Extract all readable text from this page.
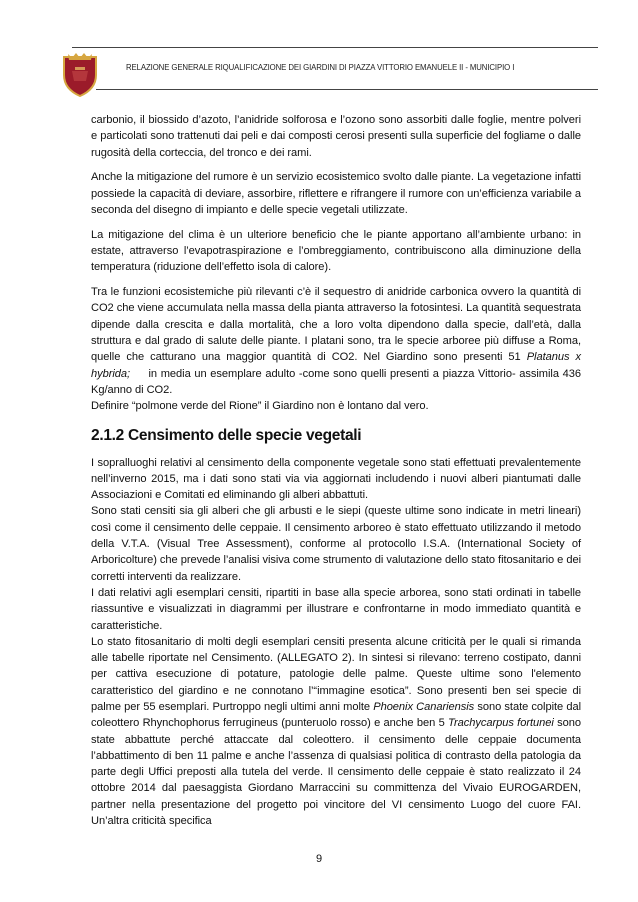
RELAZIONE GENERALE RIQUALIFICAZIONE DEI GIARDINI DI PIAZZA VITTORIO EMANUELE II - MUNICIPIO I

carbonio, il biossido d’azoto, l’anidride solforosa e l’ozono sono assorbiti dalle foglie, mentre polveri e particolati sono trattenuti dai peli e dai composti cerosi presenti sulla superficie del fogliame o dalle rugosità della corteccia, del tronco e dei rami.

Anche la mitigazione del rumore è un servizio ecosistemico svolto dalle piante. La vegetazione infatti possiede la capacità di deviare, assorbire, riflettere e rifrangere il rumore con un’efficienza variabile a seconda del disegno di impianto e delle specie vegetali utilizzate.

La mitigazione del clima è un ulteriore beneficio che le piante apportano all’ambiente urbano: in estate, attraverso l’evapotraspirazione e l’ombreggiamento, contribuiscono alla diminuzione della temperatura (riduzione dell’effetto isola di calore).

Tra le funzioni ecosistemiche più rilevanti c’è il sequestro di anidride carbonica ovvero la quantità di CO2 che viene accumulata nella massa della pianta attraverso la fotosintesi. La quantità sequestrata dipende dalla crescita e dalla mortalità, che a loro volta dipendono dalla specie, dall’età, dalla struttura e dal grado di salute delle piante. I platani sono, tra le specie arboree più diffuse a Roma, quelle che catturano una maggior quantità di CO2. Nel Giardino sono presenti 51 Platanus x hybrida;     in media un esemplare adulto -come sono quelli presenti a piazza Vittorio- assimila 436 Kg/anno di CO2.

Definire “polmone verde del Rione” il Giardino non è lontano dal vero.

2.1.2 Censimento delle specie vegetali

I sopralluoghi relativi al censimento della componente vegetale sono stati effettuati prevalentemente nell’inverno 2015, ma i dati sono stati via via aggiornati includendo i nuovi alberi piantumati dalle Associazioni e Comitati ed eliminando gli alberi abbattuti.

Sono stati censiti sia gli alberi che gli arbusti e le siepi (queste ultime sono indicate in metri lineari) così come il censimento delle ceppaie. Il censimento arboreo è stato effettuato utilizzando il metodo della V.T.A. (Visual Tree Assessment), conforme al protocollo I.S.A. (International Society of Arboricolture) che prevede l’analisi visiva come strumento di valutazione dello stato fitosanitario e dei corretti interventi da realizzare.

I dati relativi agli esemplari censiti, ripartiti in base alla specie arborea, sono stati ordinati in tabelle riassuntive e visualizzati in diagrammi per illustrare e confrontarne in modo immediato quantità e caratteristiche.

Lo stato fitosanitario di molti degli esemplari censiti presenta alcune criticità per le quali si rimanda alle tabelle riportate nel Censimento. (ALLEGATO 2). In sintesi si rilevano: terreno costipato, danni per cattiva esecuzione di potature, patologie delle palme. Queste ultime sono l'elemento caratteristico del giardino e ne connotano l’“immagine esotica”. Sono presenti ben sei specie di palme per 55 esemplari. Purtroppo negli ultimi anni molte Phoenix Canariensis sono state colpite dal coleottero Rhynchophorus ferrugineus (punteruolo rosso) e anche ben 5 Trachycarpus fortunei sono state abbattute perché attaccate dal coleottero. il censimento delle ceppaie documenta l’abbattimento di ben 11 palme e anche l’assenza di qualsiasi politica di contrasto della patologia da parte degli Uffici preposti alla tutela del verde. Il censimento delle ceppaie è stato realizzato il 24 ottobre 2014 dal paesaggista Giordano Marraccini su committenza del Vivaio EUROGARDEN, partner nella presentazione del progetto poi vincitore del VI censimento Luogo del cuore FAI. Un’altra criticità specifica

9
